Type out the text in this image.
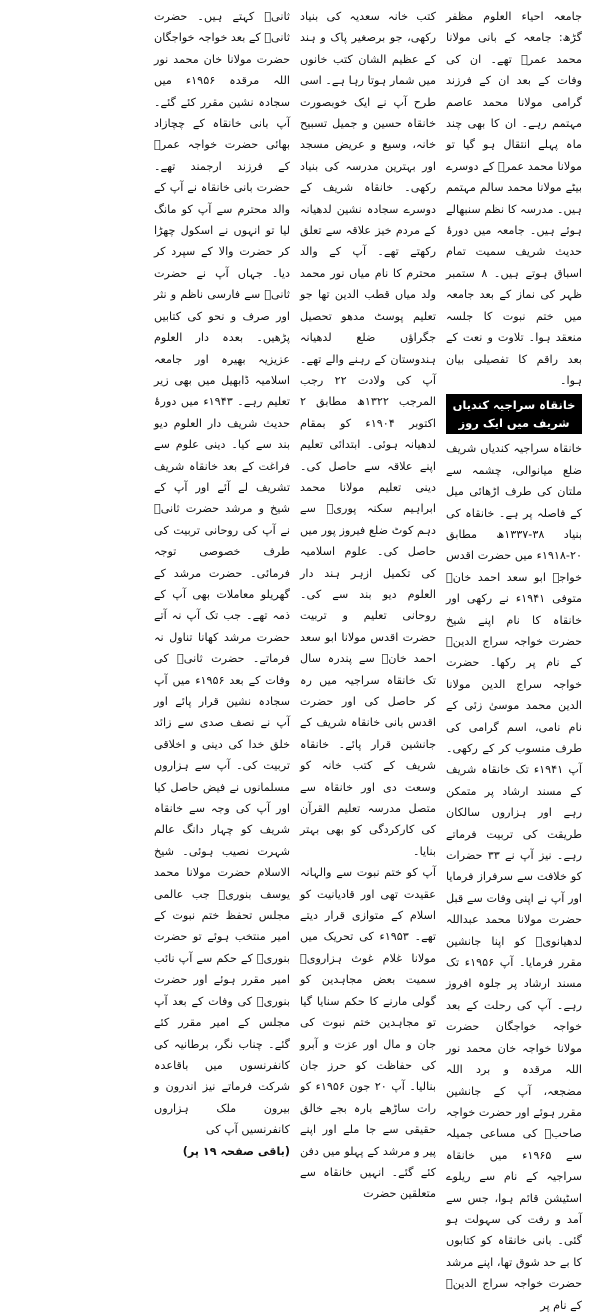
جامعہ احیاء العلوم مظفر گڑھ: جامعہ کے بانی مولانا محمد عمرؒ تھے۔ ان کی وفات کے بعد ان کے فرزند گرامی مولانا محمد عاصم مہتمم رہے۔ ان کا بھی چند ماہ پہلے انتقال ہو گیا تو مولانا محمد عمرؒ کے دوسرے بیٹے مولانا محمد سالم مہتمم ہیں۔ مدرسہ کا نظم سنبھالے ہوئے ہیں۔ جامعہ میں دورۂ حدیث شریف سمیت تمام اسباق ہوتے ہیں۔ ۸ ستمبر ظہر کی نماز کے بعد جامعہ میں ختم نبوت کا جلسہ منعقد ہوا۔ تلاوت و نعت کے بعد راقم کا تفصیلی بیان ہوا۔

خانقاہ سراجیہ کندیاں شریف میں ایک روز

خانقاہ سراجیہ کندیاں شریف ضلع میانوالی، چشمہ سے ملتان کی طرف اڑھائی میل کے فاصلہ پر ہے۔ خانقاہ کی بنیاد ۳۸-۱۳۳۷ھ مطابق ۲۰-۱۹۱۸ء میں حضرت اقدس خواجہ ابو سعد احمد خانؒ متوفی ۱۹۴۱ء نے رکھی اور خانقاہ کا نام اپنے شیخ حضرت خواجہ سراج الدینؒ کے نام پر رکھا۔ حضرت خواجہ سراج الدین مولانا الدین محمد موسیٰ زئی کے نام نامی، اسم گرامی کی طرف منسوب کر کے رکھی۔ آپ ۱۹۴۱ء تک خانقاہ شریف کے مسند ارشاد پر متمکن رہے اور ہزاروں سالکان طریقت کی تربیت فرماتے رہے۔ نیز آپ نے ۳۳ حضرات کو خلافت سے سرفراز فرمایا اور آپ نے اپنی وفات سے قبل حضرت مولانا محمد عبداللہ لدھیانویؒ کو اپنا جانشین مقرر فرمایا۔ آپ ۱۹۵۶ء تک مسند ارشاد پر جلوہ افروز رہے۔ آپ کی رحلت کے بعد خواجہ خواجگان حضرت مولانا خواجہ خان محمد نور اللہ مرقدہ و برد اللہ مضجعہ، آپ کے جانشین مقرر ہوئے اور حضرت خواجہ صاحبؒ کی مساعی جمیلہ سے ۱۹۶۵ء میں خانقاہ سراجیہ کے نام سے ریلوے اسٹیشن قائم ہوا، جس سے آمد و رفت کی سہولت ہو گئی۔ بانی خانقاہ کو کتابوں کا بے حد شوق تھا، اپنے مرشد حضرت خواجہ سراج الدینؒ کے نام پر

کتب خانہ سعدیہ کی بنیاد رکھی، جو برصغیر پاک و ہند کے عظیم الشان کتب خانوں میں شمار ہوتا رہا ہے۔ اسی طرح آپ نے ایک خوبصورت خانقاہ حسین و جمیل تسبیح خانہ، وسیع و عریض مسجد اور بہترین مدرسہ کی بنیاد رکھی۔ خانقاہ شریف کے دوسرے سجادہ نشین لدھیانہ کے مردم خیز علاقہ سے تعلق رکھتے تھے۔ آپ کے والد محترم کا نام میاں نور محمد ولد میاں قطب الدین تھا جو تعلیم پوسٹ مدھو تحصیل جگراؤں ضلع لدھیانہ ہندوستان کے رہنے والے تھے۔ آپ کی ولادت ۲۲ رجب المرجب ۱۳۲۲ھ مطابق ۲ اکتوبر ۱۹۰۴ء کو بمقام لدھیانہ ہوئی۔ ابتدائی تعلیم اپنے علاقہ سے حاصل کی۔ دینی تعلیم مولانا محمد ابراہیم سکنہ پوریؒ سے دہم کوٹ ضلع فیروز پور میں حاصل کی۔ علوم اسلامیہ کی تکمیل ازہر ہند دار العلوم دیو بند سے کی۔ روحانی تعلیم و تربیت حضرت اقدس مولانا ابو سعد احمد خانؒ سے پندرہ سال تک خانقاہ سراجیہ میں رہ کر حاصل کی اور حضرت اقدس بانی خانقاہ شریف کے جانشین قرار پائے۔ خانقاہ شریف کے کتب خانہ کو وسعت دی اور خانقاہ سے متصل مدرسہ تعلیم القرآن کی کارکردگی کو بھی بہتر بنایا۔

آپ کو ختم نبوت سے والہانہ عقیدت تھی اور قادیانیت کو اسلام کے متوازی قرار دیتے تھے۔ ۱۹۵۳ء کی تحریک میں مولانا غلام غوث ہزارویؒ سمیت بعض مجاہدین کو گولی مارنے کا حکم سنایا گیا تو مجاہدین ختم نبوت کی جان و مال اور عزت و آبرو کی حفاظت کو حرز جان بنالیا۔ آپ ۲۰ جون ۱۹۵۶ء کو رات ساڑھے بارہ بجے خالق حقیقی سے جا ملے اور اپنے پیر و مرشد کے پہلو میں دفن کئے گئے۔ انہیں خانقاہ سے متعلقین حضرت

ثانیؒ کہتے ہیں۔ حضرت ثانیؒ کے بعد خواجہ خواجگان حضرت مولانا خان محمد نور اللہ مرقدہ ۱۹۵۶ء میں سجادہ نشین مقرر کئے گئے۔ آپ بانی خانقاہ کے چچازاد بھائی حضرت خواجہ عمرؒ کے فرزند ارجمند تھے۔ حضرت بانی خانقاہ نے آپ کے والد محترم سے آپ کو مانگ لیا تو انہوں نے اسکول چھڑا کر حضرت والا کے سپرد کر دیا۔ جہاں آپ نے حضرت ثانیؒ سے فارسی ناظم و نثر اور صرف و نحو کی کتابیں پڑھیں۔ بعدہ دار العلوم عزیزیہ بھیرہ اور جامعہ اسلامیہ ڈابھیل میں بھی زیر تعلیم رہے۔ ۱۹۴۳ء میں دورۂ حدیث شریف دار العلوم دیو بند سے کیا۔ دینی علوم سے فراغت کے بعد خانقاہ شریف تشریف لے آئے اور آپ کے شیخ و مرشد حضرت ثانیؒ نے آپ کی روحانی تربیت کی طرف خصوصی توجہ فرمائی۔ حضرت مرشد کے گھریلو معاملات بھی آپ کے ذمہ تھے۔ جب تک آپ نہ آتے حضرت مرشد کھانا تناول نہ فرماتے۔ حضرت ثانیؒ کی وفات کے بعد ۱۹۵۶ء میں آپ سجادہ نشین قرار پائے اور آپ نے نصف صدی سے زائد خلق خدا کی دینی و اخلاقی تربیت کی۔ آپ سے ہزاروں مسلمانوں نے فیض حاصل کیا اور آپ کی وجہ سے خانقاہ شریف کو چہار دانگ عالم شہرت نصیب ہوئی۔ شیخ الاسلام حضرت مولانا محمد یوسف بنوریؒ جب عالمی مجلس تحفظ ختم نبوت کے امیر منتخب ہوئے تو حضرت بنوریؒ کے حکم سے آپ نائب امیر مقرر ہوئے اور حضرت بنوریؒ کی وفات کے بعد آپ مجلس کے امیر مقرر کئے گئے۔ چناب نگر، برطانیہ کی کانفرنسوں میں باقاعدہ شرکت فرماتے نیز اندرون و بیرون ملک ہزاروں کانفرنسیں آپ کی

(باقی صفحہ ۱۹ پر)
